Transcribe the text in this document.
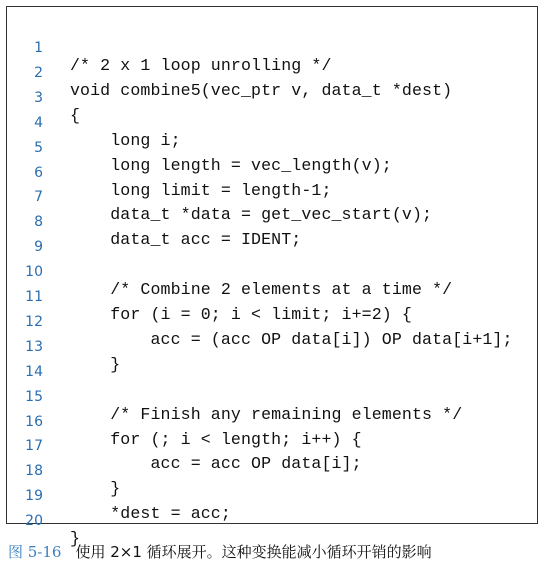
1

/* 2 x 1 loop unrolling */

2

void combine5(vec_ptr v, data_t *dest)

3

{

4

long i;

5

long length = vec_length(v);

6

long limit = length-1;

7

data_t *data = get_vec_start(v);

8

data_t acc = IDENT;

9

10

/* Combine 2 elements at a time */

11

for (i = 0; i < limit; i+=2) {

12

acc = (acc OP data[i]) OP data[i+1];

13

}

14

15

/* Finish any remaining elements */

16

for (; i < length; i++) {

17

acc = acc OP data[i];

18

}

19

*dest = acc;

20

}

图 5-16 使用 2×1 循环展开。这种变换能减小循环开销的影响
